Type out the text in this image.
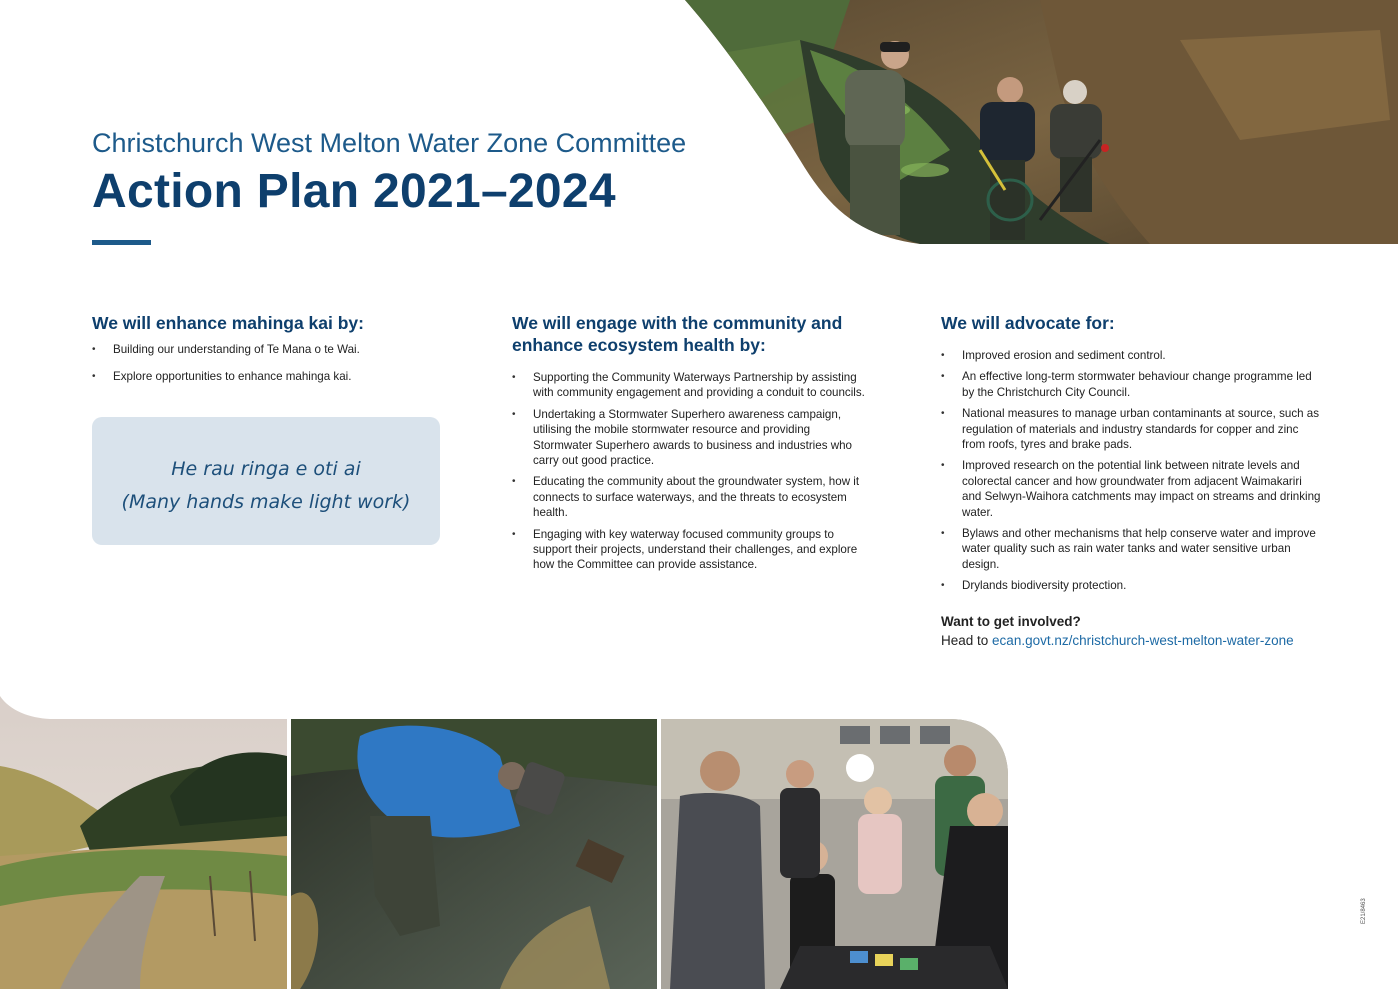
Christchurch West Melton Water Zone Committee
Action Plan 2021–2024
We will enhance mahinga kai by:
• Building our understanding of Te Mana o te Wai.
• Explore opportunities to enhance mahinga kai.

He rau ringa e oti ai

(Many hands make light work)

We will engage with the community and
enhance ecosystem health by:
• Supporting the Community Waterways Partnership by assisting with community engagement and providing a conduit to councils.
• Undertaking a Stormwater Superhero awareness campaign, utilising the mobile stormwater resource and providing Stormwater Superhero awards to business and industries who carry out good practice.
• Educating the community about the groundwater system, how it connects to surface waterways, and the threats to ecosystem health.
• Engaging with key waterway focused community groups to support their projects, understand their challenges, and explore how the Committee can provide assistance.
We will advocate for:
• Improved erosion and sediment control.
• An effective long-term stormwater behaviour change programme led by the Christchurch City Council.
• National measures to manage urban contaminants at source, such as regulation of materials and industry standards for copper and zinc from roofs, tyres and brake pads.
• Improved research on the potential link between nitrate levels and colorectal cancer and how groundwater from adjacent Waimakariri and Selwyn-Waihora catchments may impact on streams and drinking water.
• Bylaws and other mechanisms that help conserve water and improve water quality such as rain water tanks and water sensitive urban design.
• Drylands biodiversity protection.
Want to get involved?
Head to ecan.govt.nz/christchurch-west-melton-water-zone
E21/8463
